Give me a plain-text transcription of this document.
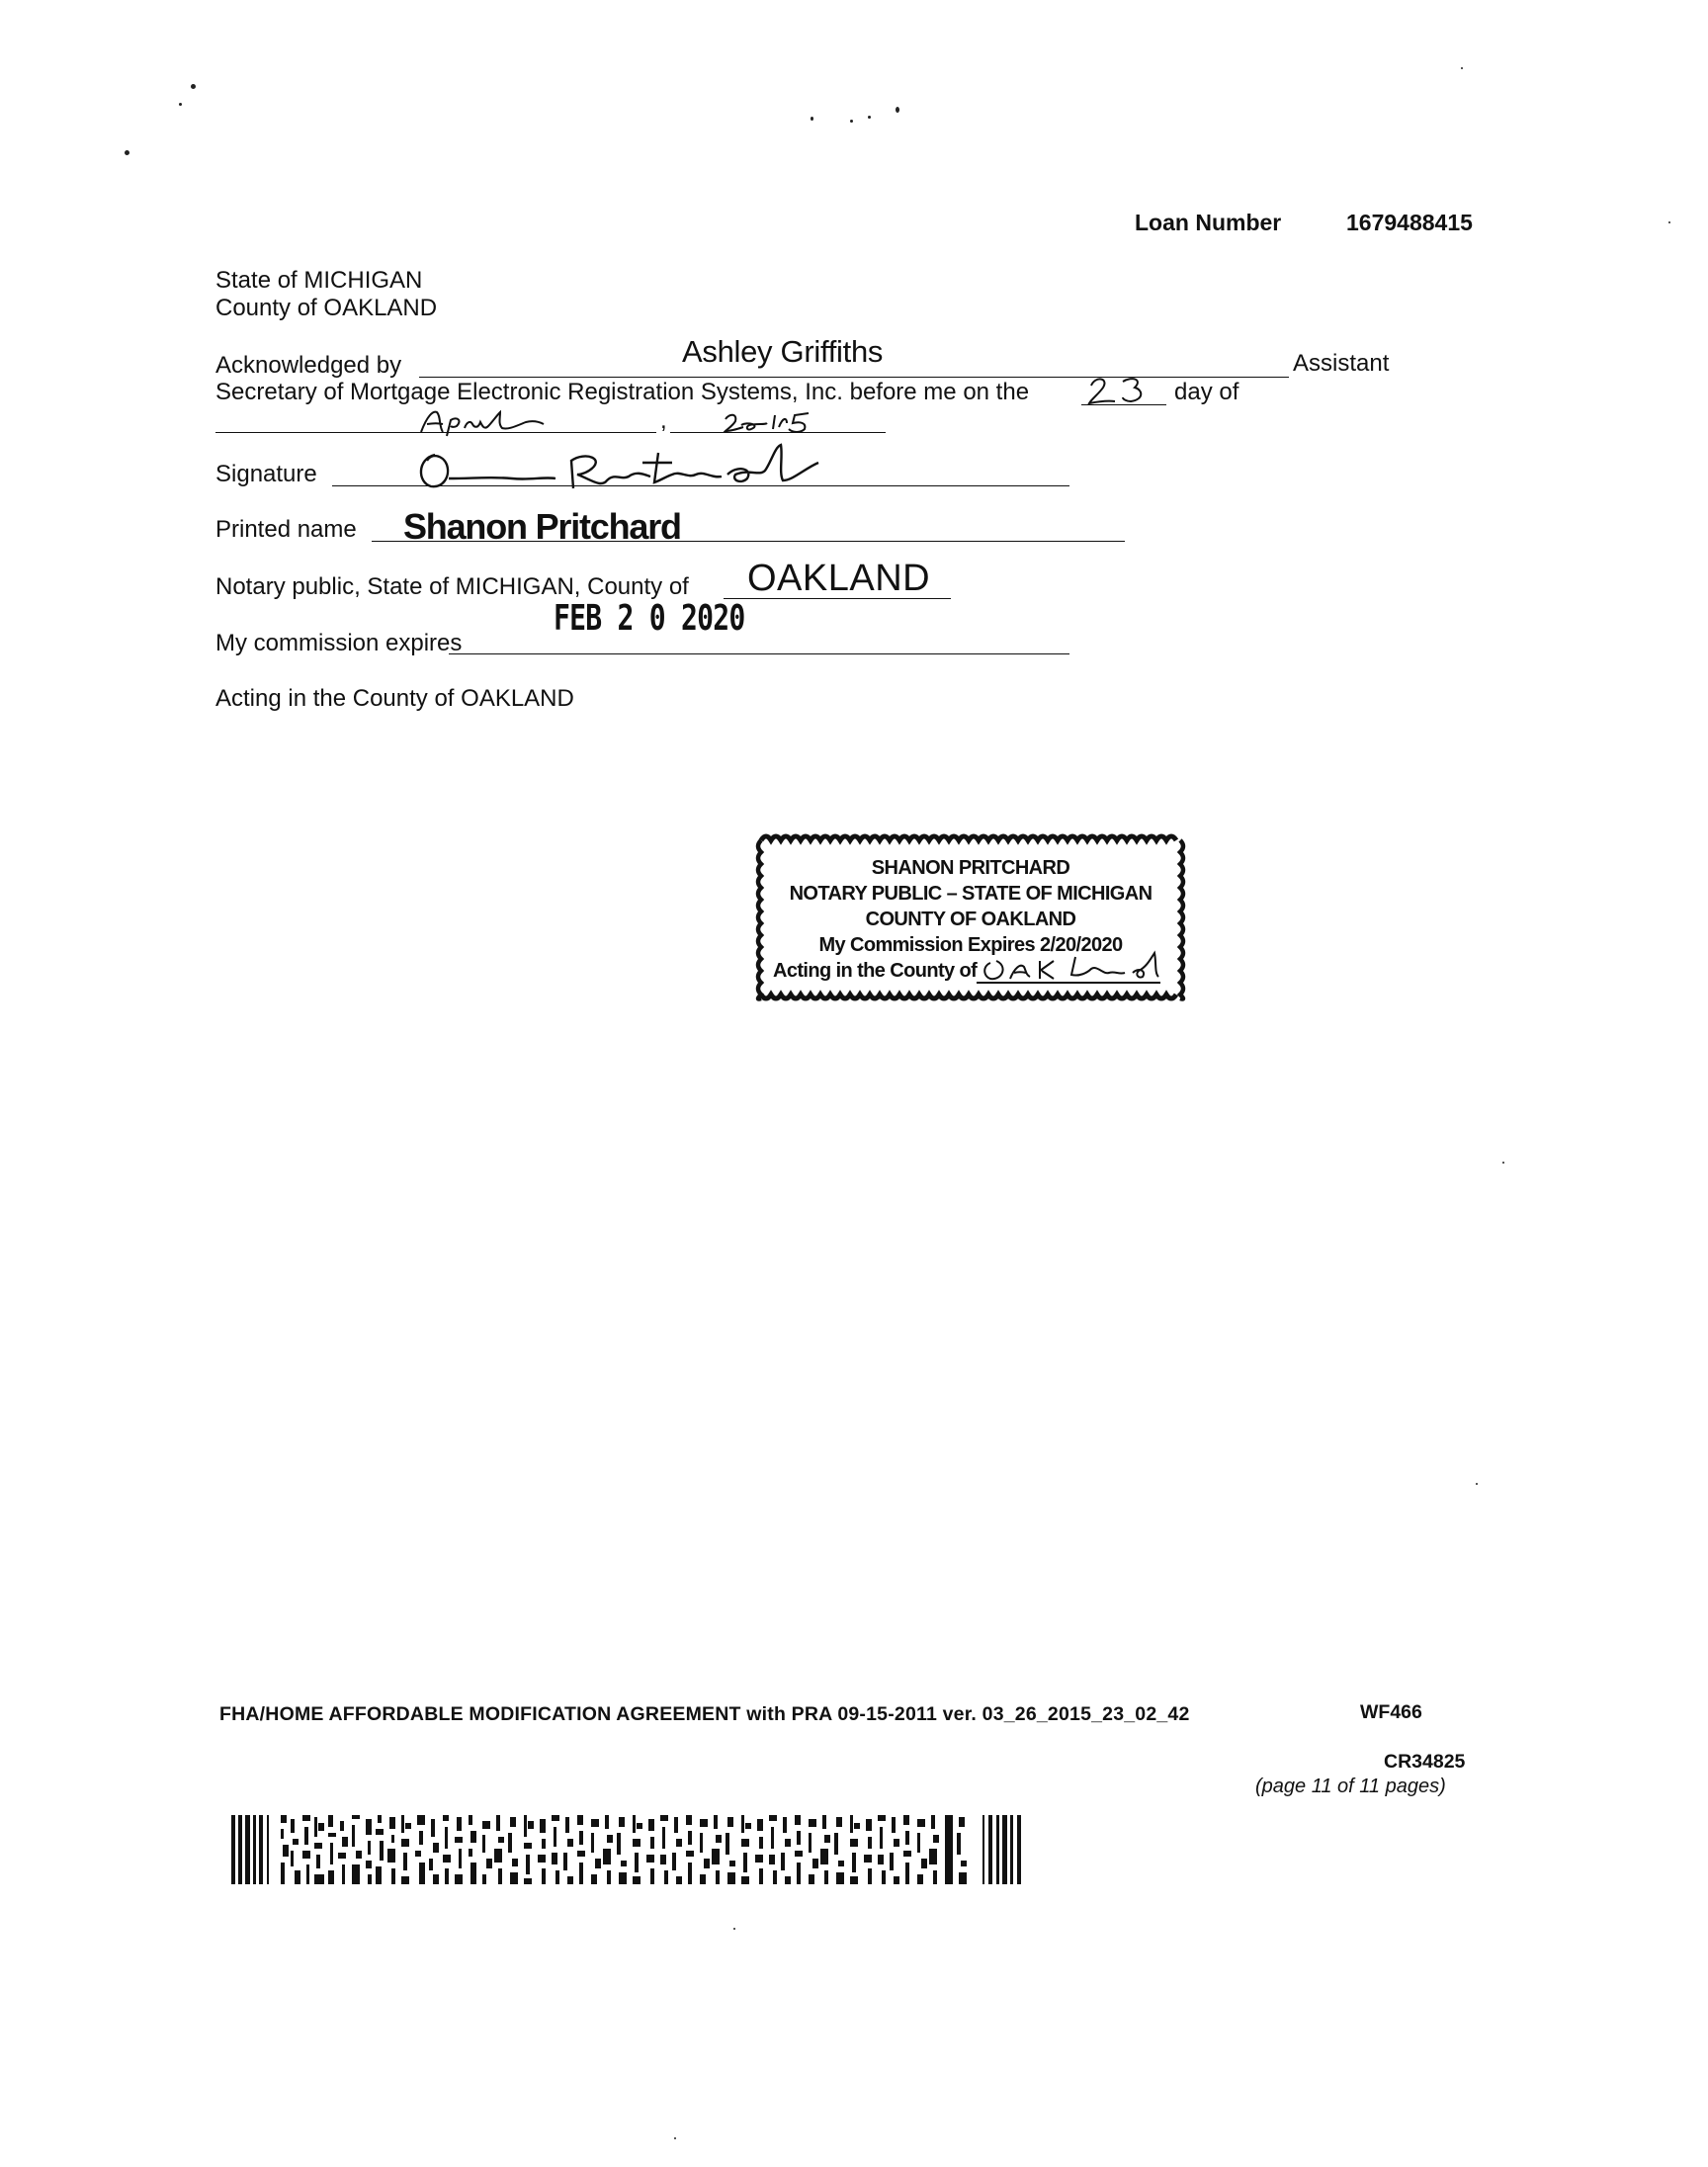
Loan Number	1679488415
State of MICHIGAN
County of OAKLAND
Acknowledged by	Ashley Griffiths	Assistant
Secretary of Mortgage Electronic Registration Systems, Inc. before me on the	day of
,
Signature
Printed name Shanon Pritchard
Notary public, State of MICHIGAN, County of OAKLAND
My commission expires
FEB 2 0 2020
Acting in the County of OAKLAND
SHANON PRITCHARD
NOTARY PUBLIC – STATE OF MICHIGAN
COUNTY OF OAKLAND
My Commission Expires 2/20/2020
Acting in the County of
FHA/HOME AFFORDABLE MODIFICATION AGREEMENT with PRA 09-15-2011 ver. 03_26_2015_23_02_42	WF466
CR34825
(page 11 of 11 pages)
